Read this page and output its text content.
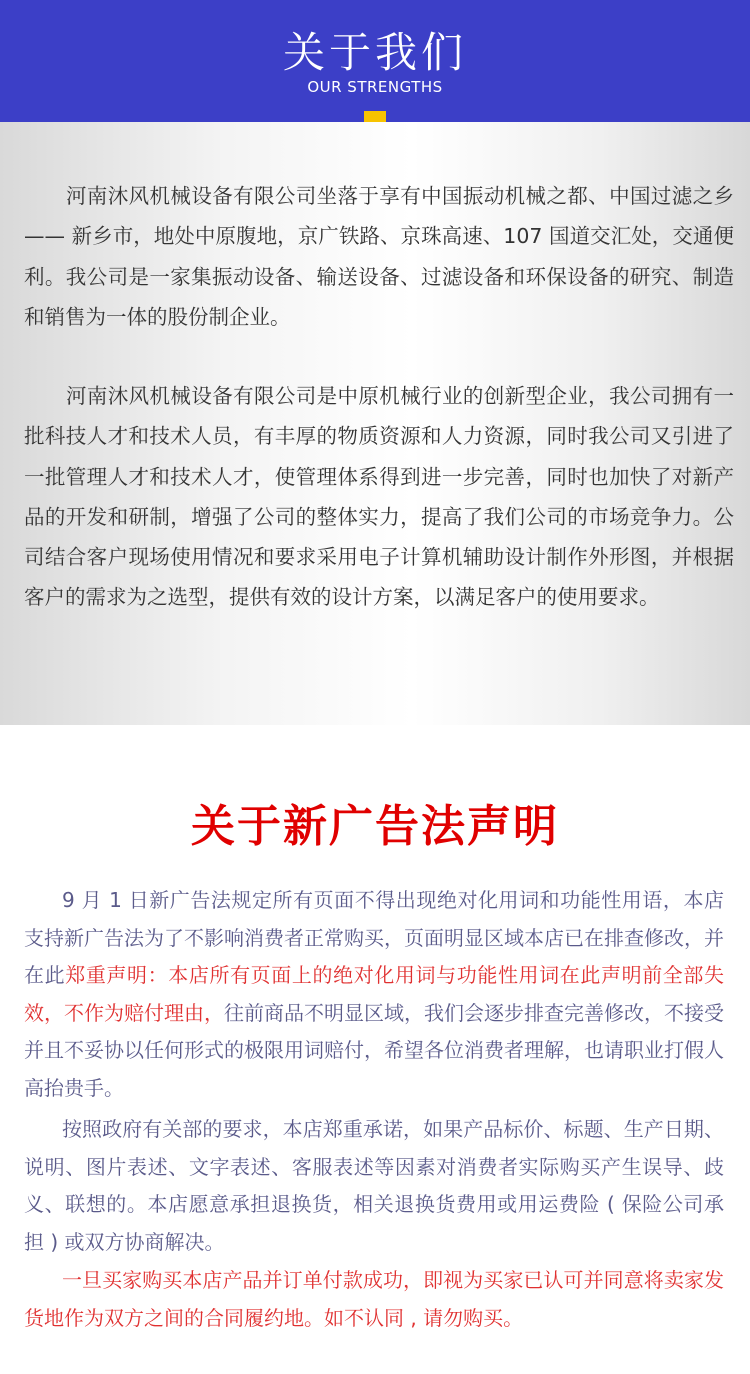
关于我们
OUR STRENGTHS

河南沐风机械设备有限公司坐落于享有中国振动机械之都、中国过滤之乡 —— 新乡市，地处中原腹地，京广铁路、京珠高速、107 国道交汇处，交通便利。我公司是一家集振动设备、输送设备、过滤设备和环保设备的研究、制造和销售为一体的股份制企业。

河南沐风机械设备有限公司是中原机械行业的创新型企业，我公司拥有一批科技人才和技术人员，有丰厚的物质资源和人力资源，同时我公司又引进了一批管理人才和技术人才，使管理体系得到进一步完善，同时也加快了对新产品的开发和研制，增强了公司的整体实力，提高了我们公司的市场竞争力。公司结合客户现场使用情况和要求采用电子计算机辅助设计制作外形图，并根据客户的需求为之选型，提供有效的设计方案，以满足客户的使用要求。

关于新广告法声明

9 月 1 日新广告法规定所有页面不得出现绝对化用词和功能性用语，本店支持新广告法为了不影响消费者正常购买，页面明显区域本店已在排查修改，并在此郑重声明：本店所有页面上的绝对化用词与功能性用词在此声明前全部失效，不作为赔付理由，往前商品不明显区域，我们会逐步排查完善修改，不接受并且不妥协以任何形式的极限用词赔付，希望各位消费者理解，也请职业打假人高抬贵手。

按照政府有关部的要求，本店郑重承诺，如果产品标价、标题、生产日期、说明、图片表述、文字表述、客服表述等因素对消费者实际购买产生误导、歧义、联想的。本店愿意承担退换货，相关退换货费用或用运费险 ( 保险公司承担 ) 或双方协商解决。

一旦买家购买本店产品并订单付款成功，即视为买家已认可并同意将卖家发货地作为双方之间的合同履约地。如不认同 , 请勿购买。
